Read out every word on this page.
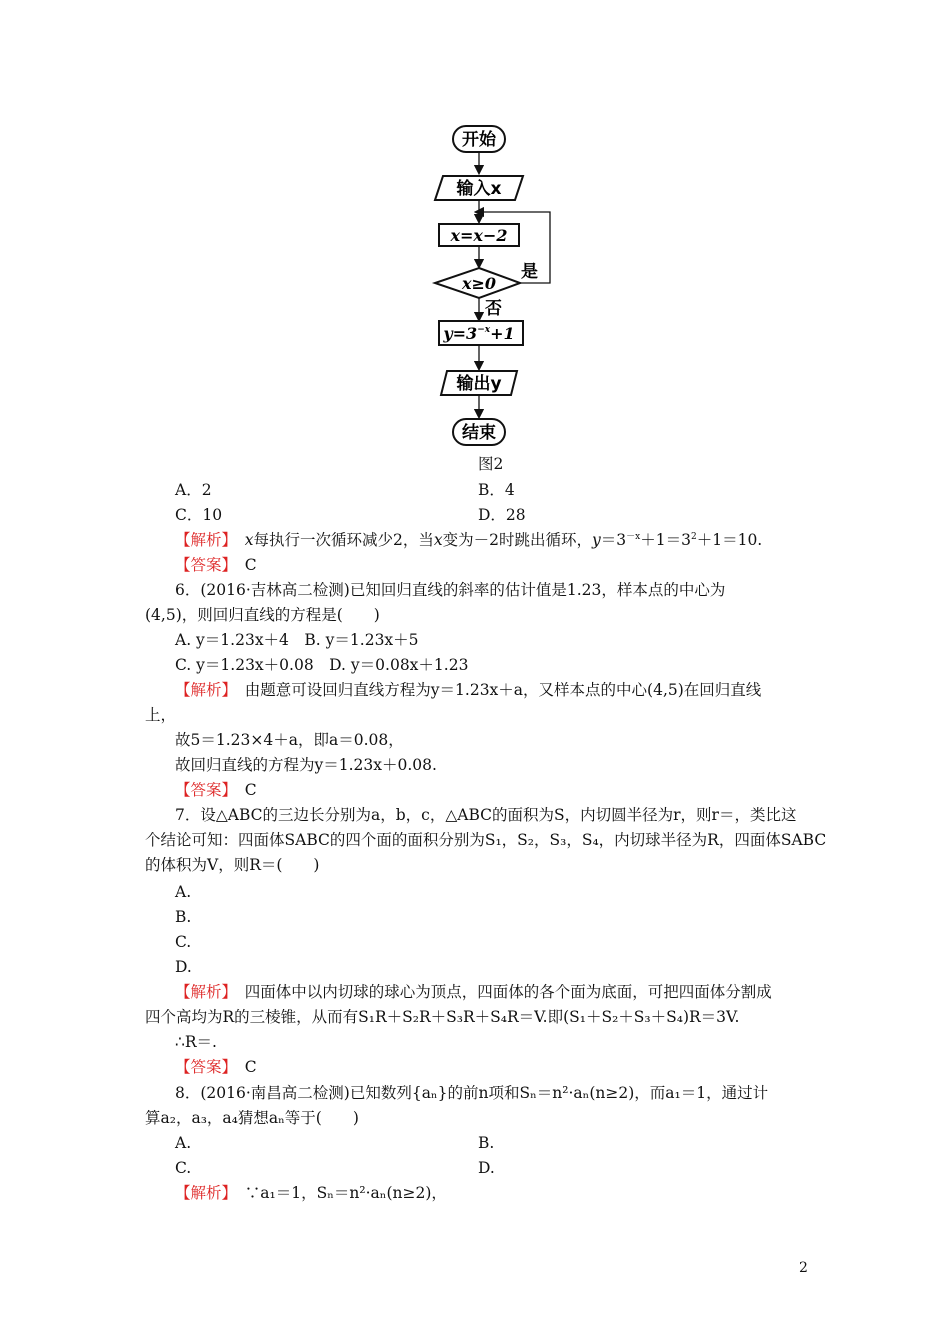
开始
输入x
x=x−2
x≥0
是
否
$y=3^{-x}+1$
输出y
结束
图2
A．2	B．4
C．10	D．28
【解析】　 x每执行一次循环减少2，当x变为－2时跳出循环，$y=3^{-x}+1=3^2+1=10$.
【答案】　 C
6．(2016·吉林高二检测)已知回归直线的斜率的估计值是1.23，样本点的中心为
(4,5)，则回归直线的方程是(　　)
A. y＝1.23x＋4　B. y＝1.23x＋5
C. y＝1.23x＋0.08　D. y＝0.08x＋1.23
【解析】　 由题意可设回归直线方程为y＝1.23x＋a，又样本点的中心(4,5)在回归直线
上，
故5＝1.23×4＋a，即a＝0.08，
故回归直线的方程为y＝1.23x＋0.08.
【答案】　 C
7．设△ABC的三边长分别为a，b，c，△ABC的面积为S，内切圆半径为r，则r＝，类比这
个结论可知：四面体SABC的四个面的面积分别为S₁，S₂，S₃，S₄，内切球半径为R，四面体SABC
的体积为V，则R＝(　　)
A.
B.
C.
D.
【解析】　 四面体中以内切球的球心为顶点，四面体的各个面为底面，可把四面体分割成
四个高均为R的三棱锥，从而有S₁R＋S₂R＋S₃R＋S₄R＝V.即(S₁＋S₂＋S₃＋S₄)R＝3V.
∴R＝.
【答案】　 C
8．(2016·南昌高二检测)已知数列{aₙ}的前n项和Sₙ＝n²·aₙ(n≥2)，而a₁＝1，通过计
算a₂，a₃，a₄猜想aₙ等于(　　)
A.	B.
C.	D.
【解析】　 ∵a₁＝1，Sₙ＝n²·aₙ(n≥2)，
2
